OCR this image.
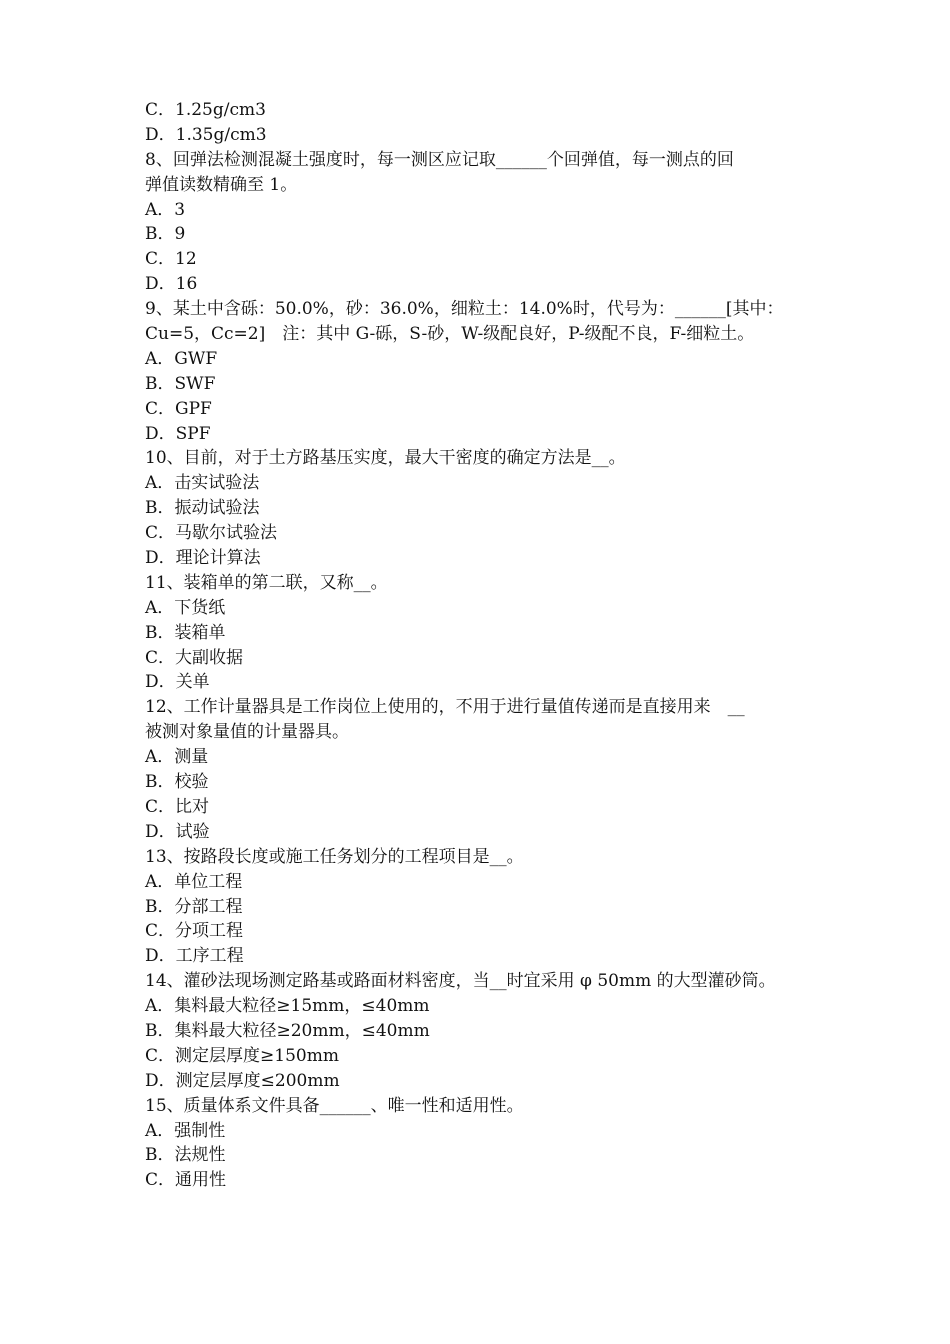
C．1.25g/cm3
D．1.35g/cm3
8、回弹法检测混凝土强度时，每一测区应记取______个回弹值，每一测点的回
弹值读数精确至 1。
A．3
B．9
C．12
D．16
9、某土中含砾：50.0%，砂：36.0%，细粒土：14.0%时，代号为：______[其中：
Cu=5，Cc=2]　注：其中 G-砾，S-砂，W-级配良好，P-级配不良，F-细粒土。
A．GWF
B．SWF
C．GPF
D．SPF
10、目前，对于土方路基压实度，最大干密度的确定方法是__。
A．击实试验法
B．振动试验法
C．马歇尔试验法
D．理论计算法
11、装箱单的第二联，又称__。
A．下货纸
B．装箱单
C．大副收据
D．关单
12、工作计量器具是工作岗位上使用的，不用于进行量值传递而是直接用来　__
被测对象量值的计量器具。
A．测量
B．校验
C．比对
D．试验
13、按路段长度或施工任务划分的工程项目是__。
A．单位工程
B．分部工程
C．分项工程
D．工序工程
14、灌砂法现场测定路基或路面材料密度，当__时宜采用 φ 50mm 的大型灌砂筒。
A．集料最大粒径≥15mm，≤40mm
B．集料最大粒径≥20mm，≤40mm
C．测定层厚度≥150mm
D．测定层厚度≤200mm
15、质量体系文件具备______、唯一性和适用性。
A．强制性
B．法规性
C．通用性
